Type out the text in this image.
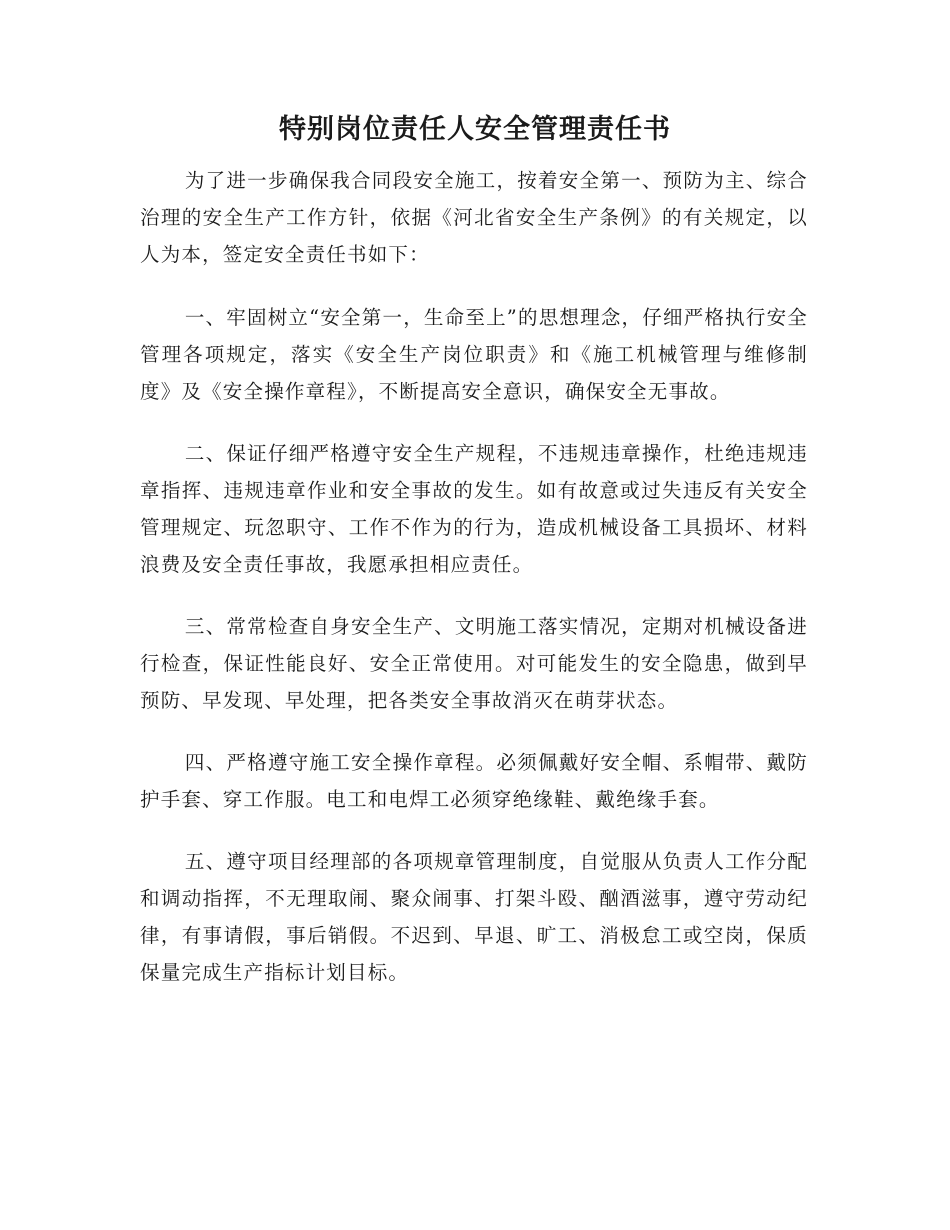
特别岗位责任人安全管理责任书

为了进一步确保我合同段安全施工，按着安全第一、预防为主、综合治理的安全生产工作方针，依据《河北省安全生产条例》的有关规定，以人为本，签定安全责任书如下：

一、牢固树立“安全第一，生命至上”的思想理念，仔细严格执行安全管理各项规定，落实《安全生产岗位职责》和《施工机械管理与维修制度》及《安全操作章程》，不断提高安全意识，确保安全无事故。

二、保证仔细严格遵守安全生产规程，不违规违章操作，杜绝违规违章指挥、违规违章作业和安全事故的发生。如有故意或过失违反有关安全管理规定、玩忽职守、工作不作为的行为，造成机械设备工具损坏、材料浪费及安全责任事故，我愿承担相应责任。

三、常常检查自身安全生产、文明施工落实情况，定期对机械设备进行检查，保证性能良好、安全正常使用。对可能发生的安全隐患，做到早预防、早发现、早处理，把各类安全事故消灭在萌芽状态。

四、严格遵守施工安全操作章程。必须佩戴好安全帽、系帽带、戴防护手套、穿工作服。电工和电焊工必须穿绝缘鞋、戴绝缘手套。

五、遵守项目经理部的各项规章管理制度，自觉服从负责人工作分配和调动指挥，不无理取闹、聚众闹事、打架斗殴、酗酒滋事，遵守劳动纪律，有事请假，事后销假。不迟到、早退、旷工、消极怠工或空岗，保质保量完成生产指标计划目标。
